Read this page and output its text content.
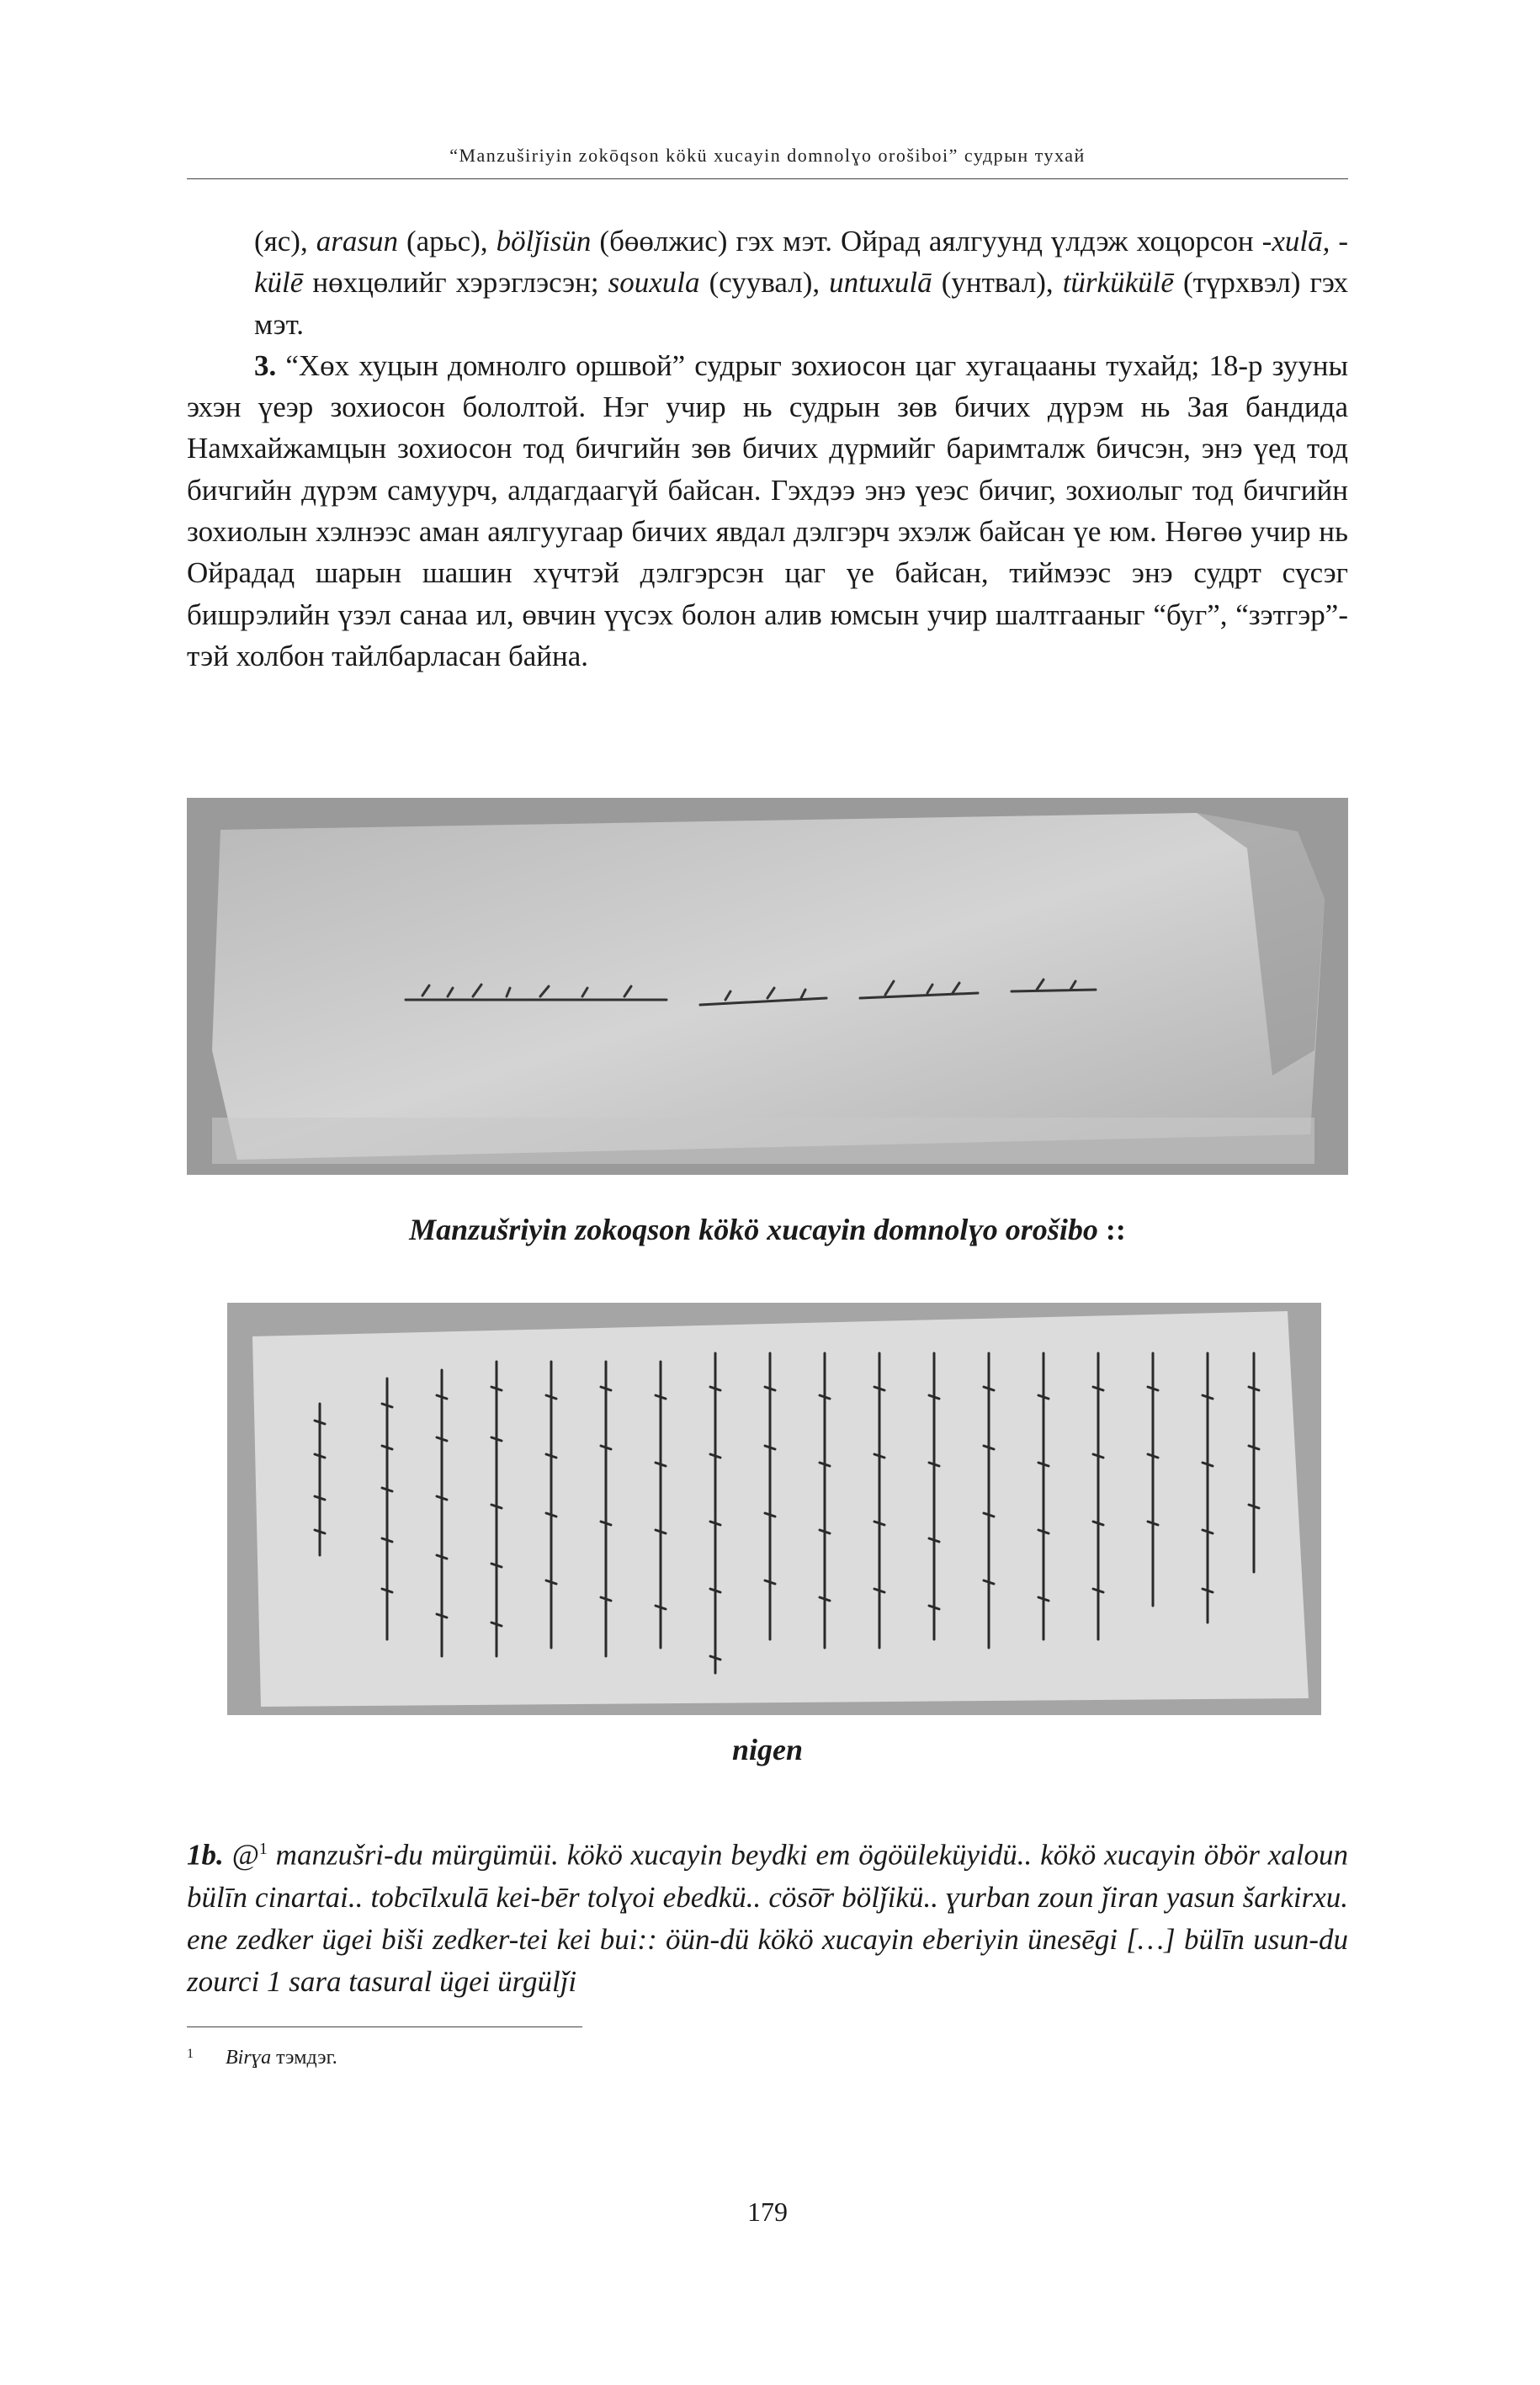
“Manzuširiyin zokōqson kökü xucayin domnolɣo orošiboi” судрын тухай

(яс), arasun (арьс), bölǰisün (бөөлжис) гэх мэт. Ойрад аялгуунд үлдэж хоцорсон -xulā, -külē нөхцөлийг хэрэглэсэн; souxula (суувал), untuxulā (унтвал), türkükülē (түрхвэл) гэх мэт.

3. “Хөх хуцын домнолго оршвой” судрыг зохиосон цаг хугацааны тухайд; 18-р зууны эхэн үеэр зохиосон бололтой. Нэг учир нь судрын зөв бичих дүрэм нь Зая бандида Намхайжамцын зохиосон тод бичгийн зөв бичих дүрмийг баримталж бичсэн, энэ үед тод бичгийн дүрэм самуурч, алдагдаагүй байсан. Гэхдээ энэ үеэс бичиг, зохиолыг тод бичгийн зохиолын хэлнээс аман аялгуугаар бичих явдал дэлгэрч эхэлж байсан үе юм. Нөгөө учир нь Ойрадад шарын шашин хүчтэй дэлгэрсэн цаг үе байсан, тиймээс энэ судрт сүсэг бишрэлийн үзэл санаа ил, өвчин үүсэх болон алив юмсын учир шалтгааныг “буг”, “зэтгэр”-тэй холбон тайлбарласан байна.

Manzušriyin zokoqson kökö xucayin domnolɣo orošibo ::
nigen
1b. @$^1$ manzušri-du mürgümüi. kökö xucayin beydki em ögöüleküyidü.. kökö xucayin öbör xaloun bülīn cinartai.. tobcīlxulā kei-bēr tolɣoi ebedkü.. cösō̄r bölǰikü.. ɣurban zoun ǰiran yasun šarkirxu. ene zedker ügei biši zedker-tei kei bui:: öün-dü kökö xucayin eberiyin ünesēgi […] bülīn usun-du zourci 1 sara tasural ügei ürgülǰi
1 Birɣa тэмдэг.
179
